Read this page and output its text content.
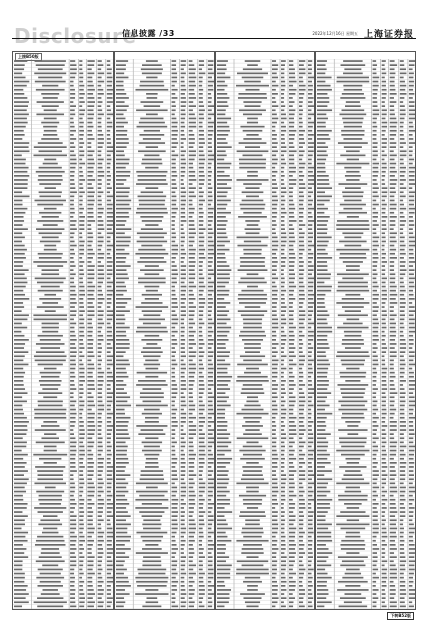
Disclosure
信息披露 /33	2022年12月16日 星期五 上海证券报
上接B50版
下转B52版
